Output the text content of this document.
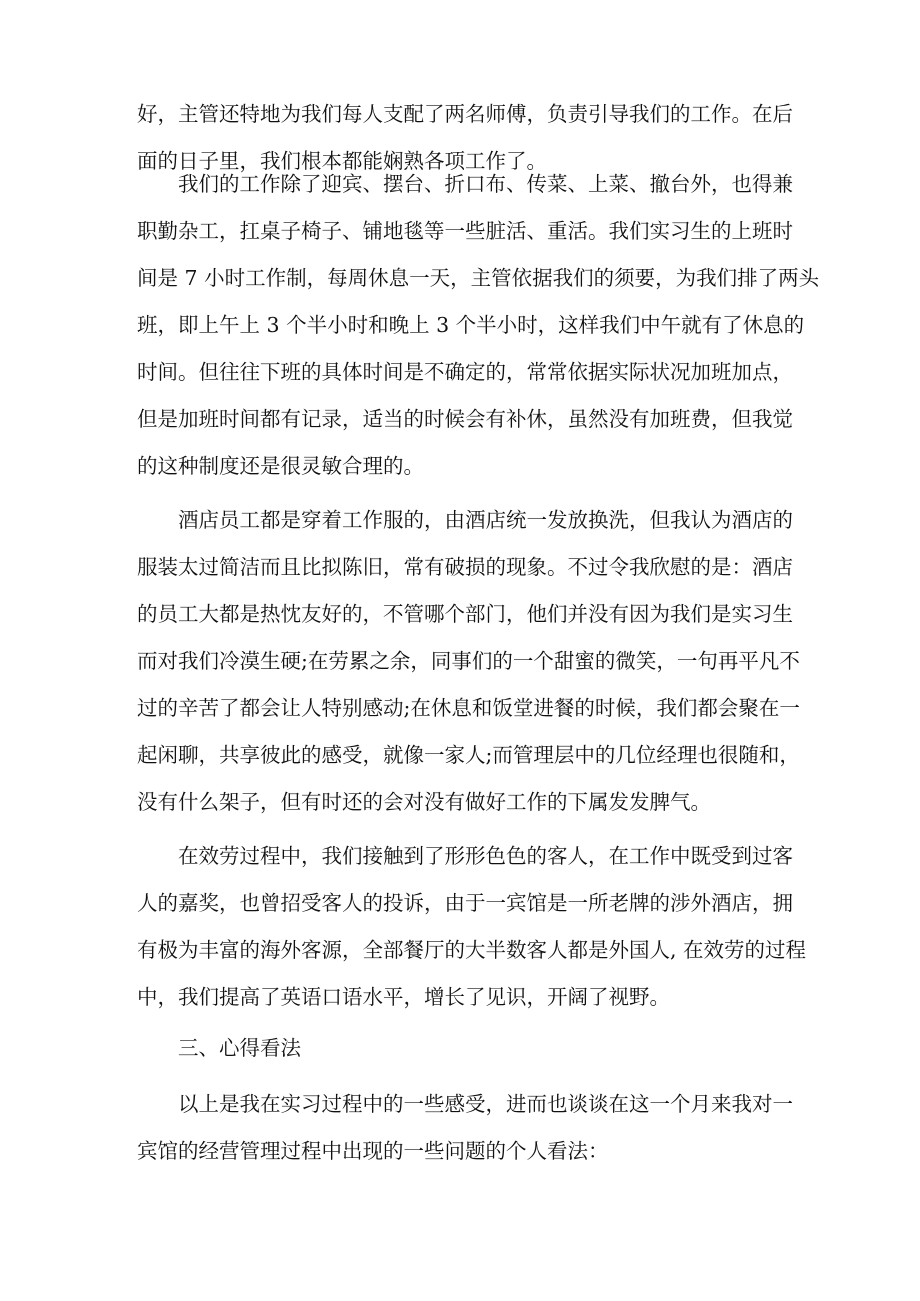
好，主管还特地为我们每人支配了两名师傅，负责引导我们的工作。在后
面的日子里，我们根本都能娴熟各项工作了。
我们的工作除了迎宾、摆台、折口布、传菜、上菜、撤台外，也得兼
职勤杂工，扛桌子椅子、铺地毯等一些脏活、重活。我们实习生的上班时
间是 7 小时工作制，每周休息一天，主管依据我们的须要，为我们排了两头
班，即上午上 3 个半小时和晚上 3 个半小时，这样我们中午就有了休息的
时间。但往往下班的具体时间是不确定的，常常依据实际状况加班加点，
但是加班时间都有记录，适当的时候会有补休，虽然没有加班费，但我觉
的这种制度还是很灵敏合理的。
酒店员工都是穿着工作服的，由酒店统一发放换洗，但我认为酒店的
服装太过简洁而且比拟陈旧，常有破损的现象。不过令我欣慰的是：酒店
的员工大都是热忱友好的，不管哪个部门，他们并没有因为我们是实习生
而对我们冷漠生硬;在劳累之余，同事们的一个甜蜜的微笑，一句再平凡不
过的辛苦了都会让人特别感动;在休息和饭堂进餐的时候，我们都会聚在一
起闲聊，共享彼此的感受，就像一家人;而管理层中的几位经理也很随和，
没有什么架子，但有时还的会对没有做好工作的下属发发脾气。
在效劳过程中，我们接触到了形形色色的客人，在工作中既受到过客
人的嘉奖，也曾招受客人的投诉，由于一宾馆是一所老牌的涉外酒店，拥
有极为丰富的海外客源，全部餐厅的大半数客人都是外国人, 在效劳的过程
中，我们提高了英语口语水平，增长了见识，开阔了视野。
三、心得看法
以上是我在实习过程中的一些感受，进而也谈谈在这一个月来我对一
宾馆的经营管理过程中出现的一些问题的个人看法：
